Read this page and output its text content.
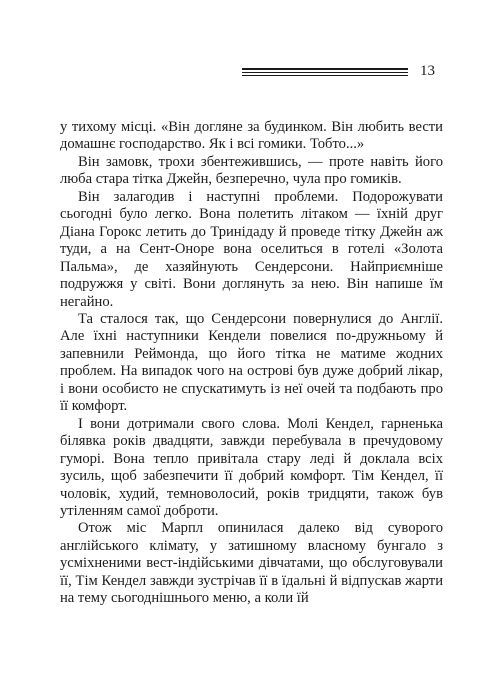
13

у тихому місці. «Він догляне за будинком. Він любить вести домашнє господарство. Як і всі гомики. Тобто...»

Він замовк, трохи збентежившись, — проте навіть його люба стара тітка Джейн, безперечно, чула про гомиків.

Він залагодив і наступні проблеми. Подорожувати сьогодні було легко. Вона полетить літаком — їхній друг Діана Горокс летить до Тринідаду й проведе тітку Джейн аж туди, а на Сент-Оноре вона оселиться в готелі «Золота Пальма», де хазяйнують Сендерсони. Найприємніше подружжя у світі. Вони доглянуть за нею. Він напише їм негайно.

Та сталося так, що Сендерсони повернулися до Англії. Але їхні наступники Кендели повелися по-дружньому й запевнили Реймонда, що його тітка не матиме жодних проблем. На випадок чого на острові був дуже добрий лікар, і вони особисто не спускатимуть із неї очей та подбають про її комфорт.

І вони дотримали свого слова. Молі Кендел, гарненька білявка років двадцяти, завжди перебувала в пречудовому гуморі. Вона тепло привітала стару леді й доклала всіх зусиль, щоб забезпечити її добрий комфорт. Тім Кендел, її чоловік, худий, темноволосий, років тридцяти, також був утіленням самої доброти.

Отож міс Марпл опинилася далеко від суворого англійського клімату, у затишному власному бунгало з усміхненими вест-індійськими дівчатами, що обслуговували її, Тім Кендел завжди зустрічав її в їдальні й відпускав жарти на тему сьогоднішнього меню, а коли їй
